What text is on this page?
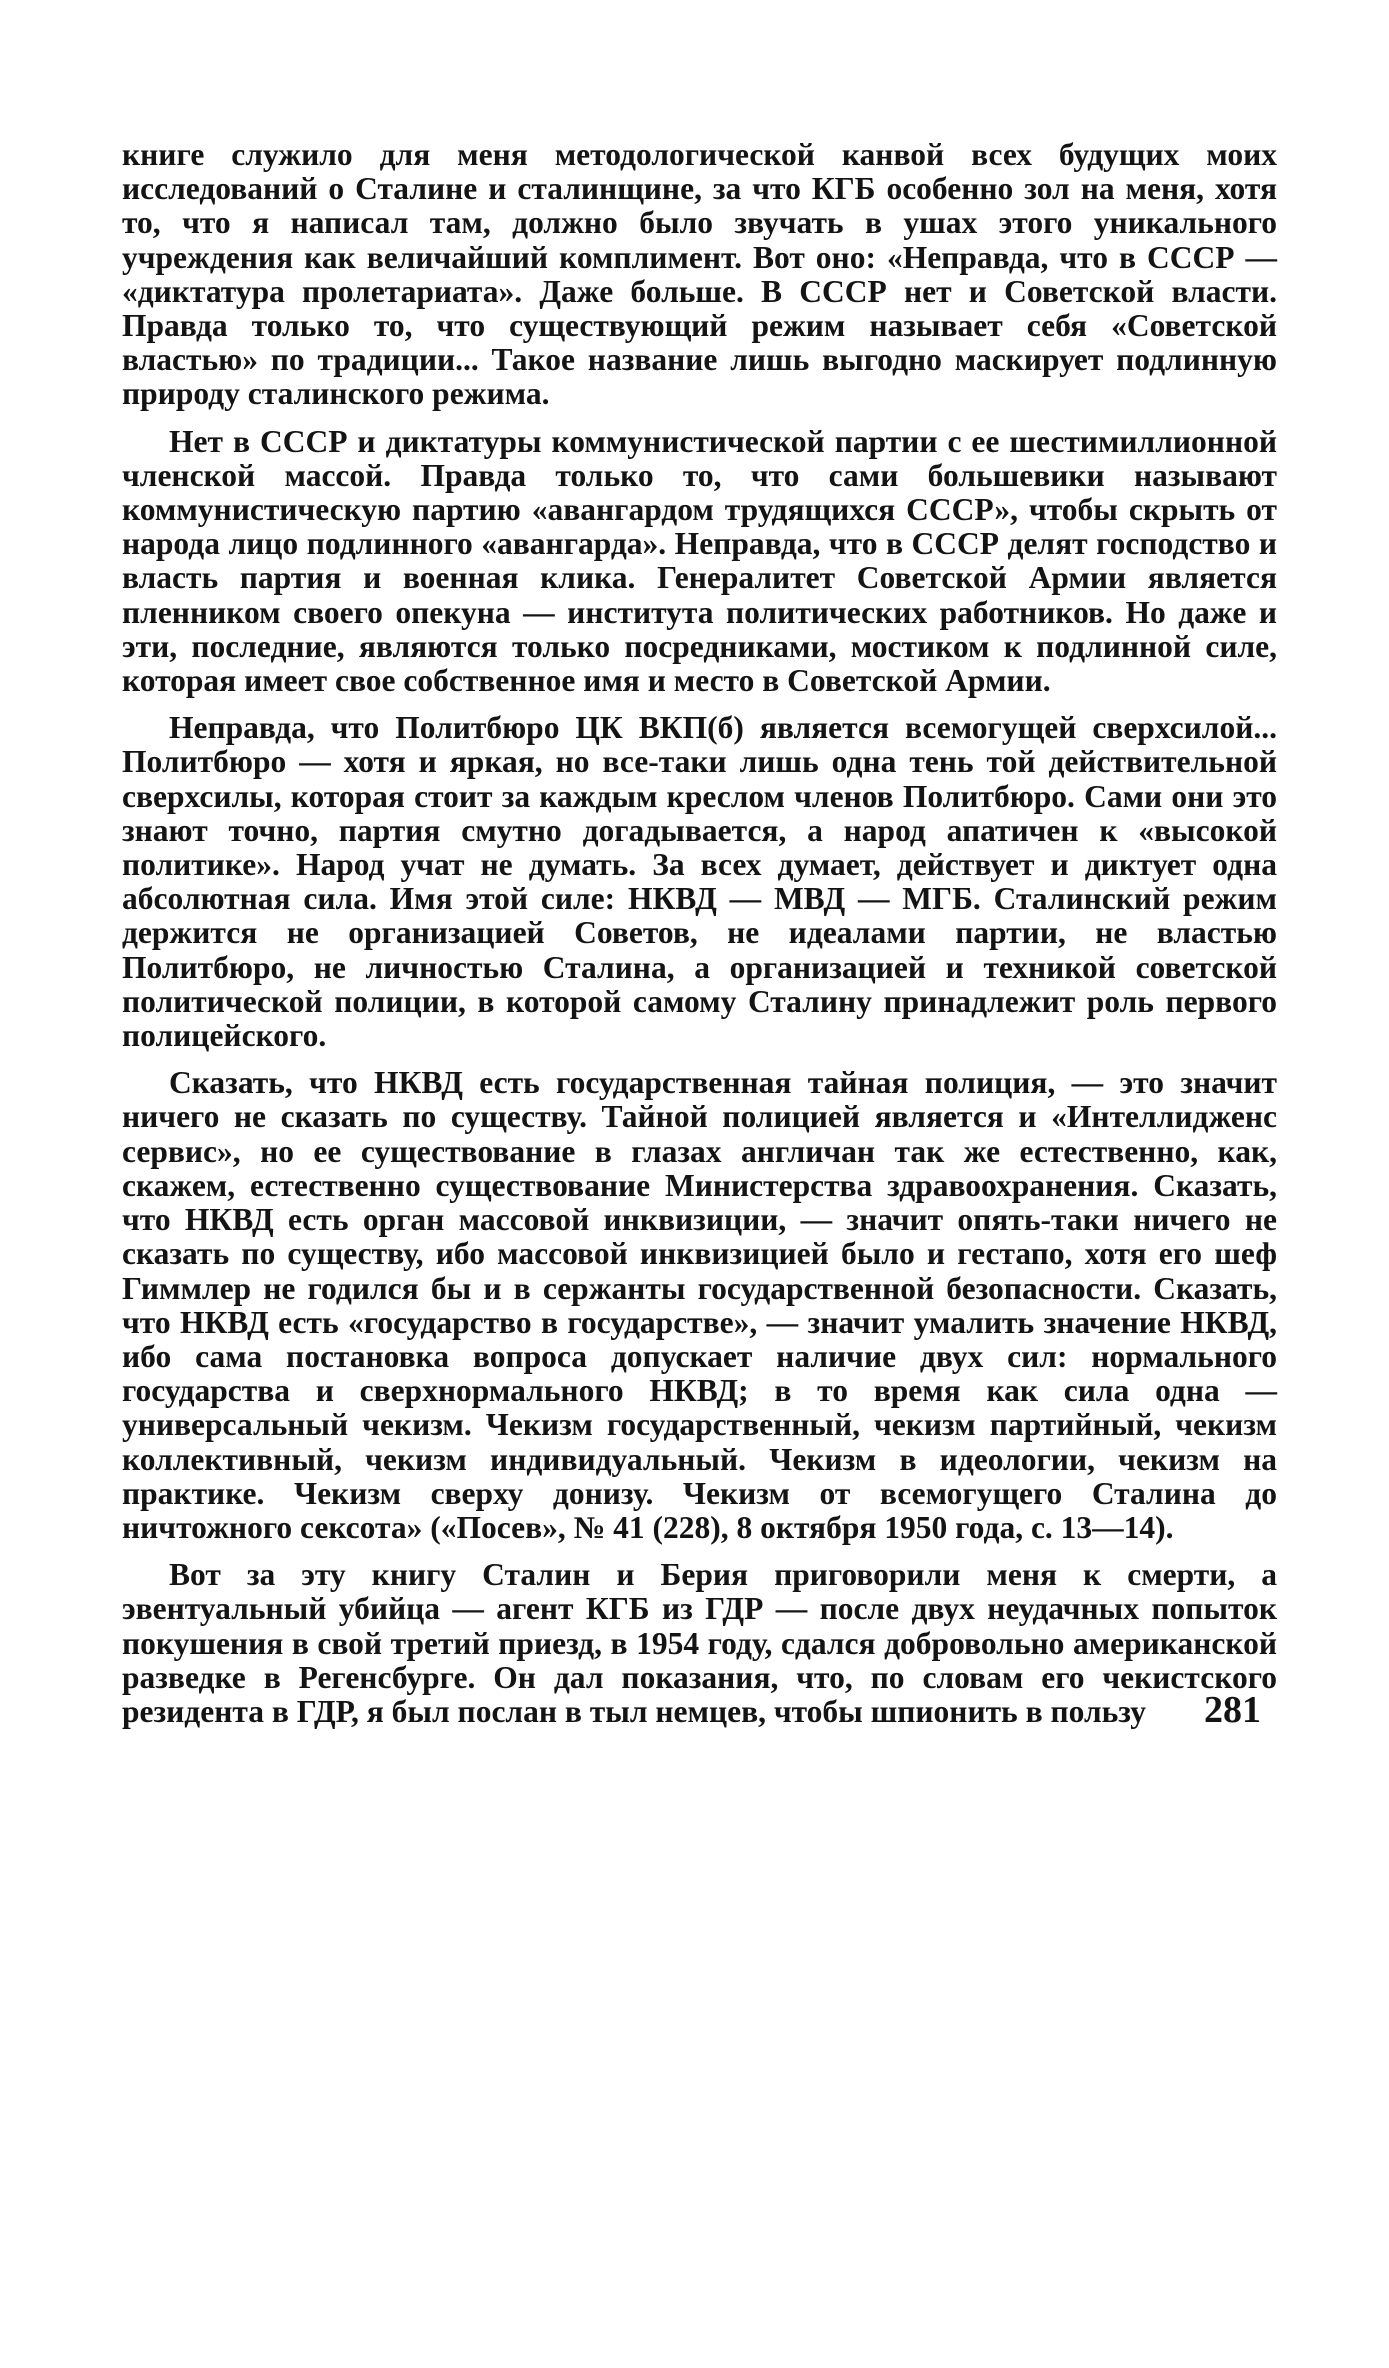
книге служило для меня методологической канвой всех будущих моих исследований о Сталине и сталинщине, за что КГБ особенно зол на меня, хотя то, что я написал там, должно было звучать в ушах этого уникального учреждения как величайший комплимент. Вот оно: «Неправда, что в СССР — «диктатура пролетариата». Даже больше. В СССР нет и Советской власти. Правда только то, что существующий режим называет себя «Советской властью» по традиции... Такое название лишь выгодно маскирует подлинную природу сталинского режима.

Нет в СССР и диктатуры коммунистической партии с ее шестимиллионной членской массой. Правда только то, что сами большевики называют коммунистическую партию «авангардом трудящихся СССР», чтобы скрыть от народа лицо подлинного «авангарда». Неправда, что в СССР делят господство и власть партия и военная клика. Генералитет Советской Армии является пленником своего опекуна — института политических работников. Но даже и эти, последние, являются только посредниками, мостиком к подлинной силе, которая имеет свое собственное имя и место в Советской Армии.

Неправда, что Политбюро ЦК ВКП(б) является всемогущей сверхсилой... Политбюро — хотя и яркая, но все-таки лишь одна тень той действительной сверхсилы, которая стоит за каждым креслом членов Политбюро. Сами они это знают точно, партия смутно догадывается, а народ апатичен к «высокой политике». Народ учат не думать. За всех думает, действует и диктует одна абсолютная сила. Имя этой силе: НКВД — МВД — МГБ. Сталинский режим держится не организацией Советов, не идеалами партии, не властью Политбюро, не личностью Сталина, а организацией и техникой советской политической полиции, в которой самому Сталину принадлежит роль первого полицейского.

Сказать, что НКВД есть государственная тайная полиция, — это значит ничего не сказать по существу. Тайной полицией является и «Интеллидженс сервис», но ее существование в глазах англичан так же естественно, как, скажем, естественно существование Министерства здравоохранения. Сказать, что НКВД есть орган массовой инквизиции, — значит опять-таки ничего не сказать по существу, ибо массовой инквизицией было и гестапо, хотя его шеф Гиммлер не годился бы и в сержанты государственной безопасности. Сказать, что НКВД есть «государство в государстве», — значит умалить значение НКВД, ибо сама постановка вопроса допускает наличие двух сил: нормального государства и сверхнормального НКВД; в то время как сила одна — универсальный чекизм. Чекизм государственный, чекизм партийный, чекизм коллективный, чекизм индивидуальный. Чекизм в идеологии, чекизм на практике. Чекизм сверху донизу. Чекизм от всемогущего Сталина до ничтожного сексота» («Посев», № 41 (228), 8 октября 1950 года, с. 13—14).

Вот за эту книгу Сталин и Берия приговорили меня к смерти, а эвентуальный убийца — агент КГБ из ГДР — после двух неудачных попыток покушения в свой третий приезд, в 1954 году, сдался добровольно американской разведке в Регенсбурге. Он дал показания, что, по словам его чекистского резидента в ГДР, я был послан в тыл немцев, чтобы шпионить в пользу	281
